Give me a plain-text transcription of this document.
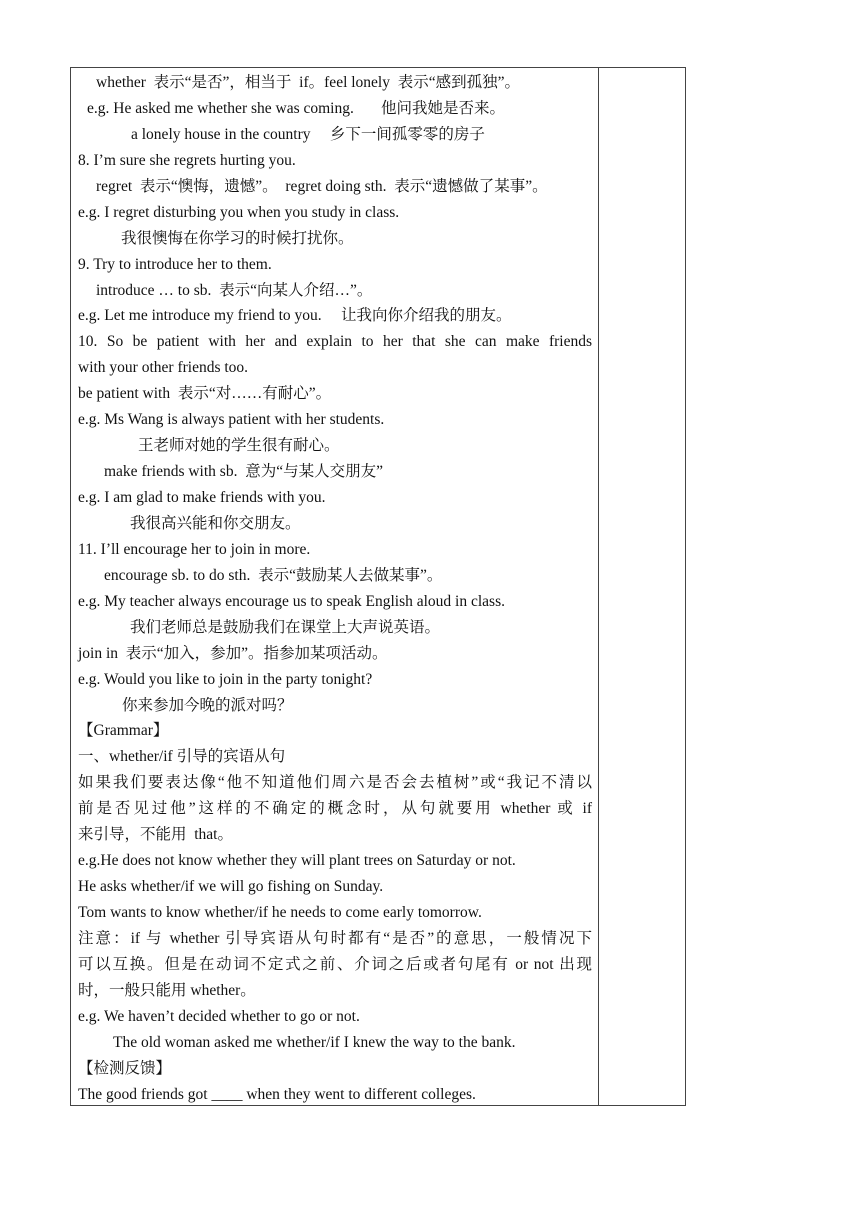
whether  表示“是否”，相当于  if。feel lonely  表示“感到孤独”。
e.g. He asked me whether she was coming.       他问我她是否来。
a lonely house in the country     乡下一间孤零零的房子
8. I’m sure she regrets hurting you.
regret  表示“懊悔，遗憾”。  regret doing sth.  表示“遗憾做了某事”。
e.g. I regret disturbing you when you study in class.
我很懊悔在你学习的时候打扰你。
9. Try to introduce her to them.
introduce … to sb.  表示“向某人介绍…”。
e.g. Let me introduce my friend to you.     让我向你介绍我的朋友。
10. So be patient with her and explain to her that she can make friends
with your other friends too.
be patient with  表示“对……有耐心”。
e.g. Ms Wang is always patient with her students.
王老师对她的学生很有耐心。
make friends with sb.  意为“与某人交朋友”
e.g. I am glad to make friends with you.
我很高兴能和你交朋友。
11. I’ll encourage her to join in more.
encourage sb. to do sth.  表示“鼓励某人去做某事”。
e.g. My teacher always encourage us to speak English aloud in class.
我们老师总是鼓励我们在课堂上大声说英语。
join in  表示“加入，参加”。指参加某项活动。
e.g. Would you like to join in the party tonight?
你来参加今晚的派对吗？
【Grammar】
一、whether/if 引导的宾语从句
如果我们要表达像“他不知道他们周六是否会去植树”或“我记不清以
前是否见过他”这样的不确定的概念时，从句就要用 whether 或 if
来引导，不能用  that。
e.g.He does not know whether they will plant trees on Saturday or not.
He asks whether/if we will go fishing on Sunday.
Tom wants to know whether/if he needs to come early tomorrow.
注意：if 与 whether 引导宾语从句时都有“是否”的意思，一般情况下
可以互换。但是在动词不定式之前、介词之后或者句尾有 or not 出现
时，一般只能用 whether。
e.g. We haven’t decided whether to go or not.
The old woman asked me whether/if I knew the way to the bank.
【检测反馈】
The good friends got ____ when they went to different colleges.
